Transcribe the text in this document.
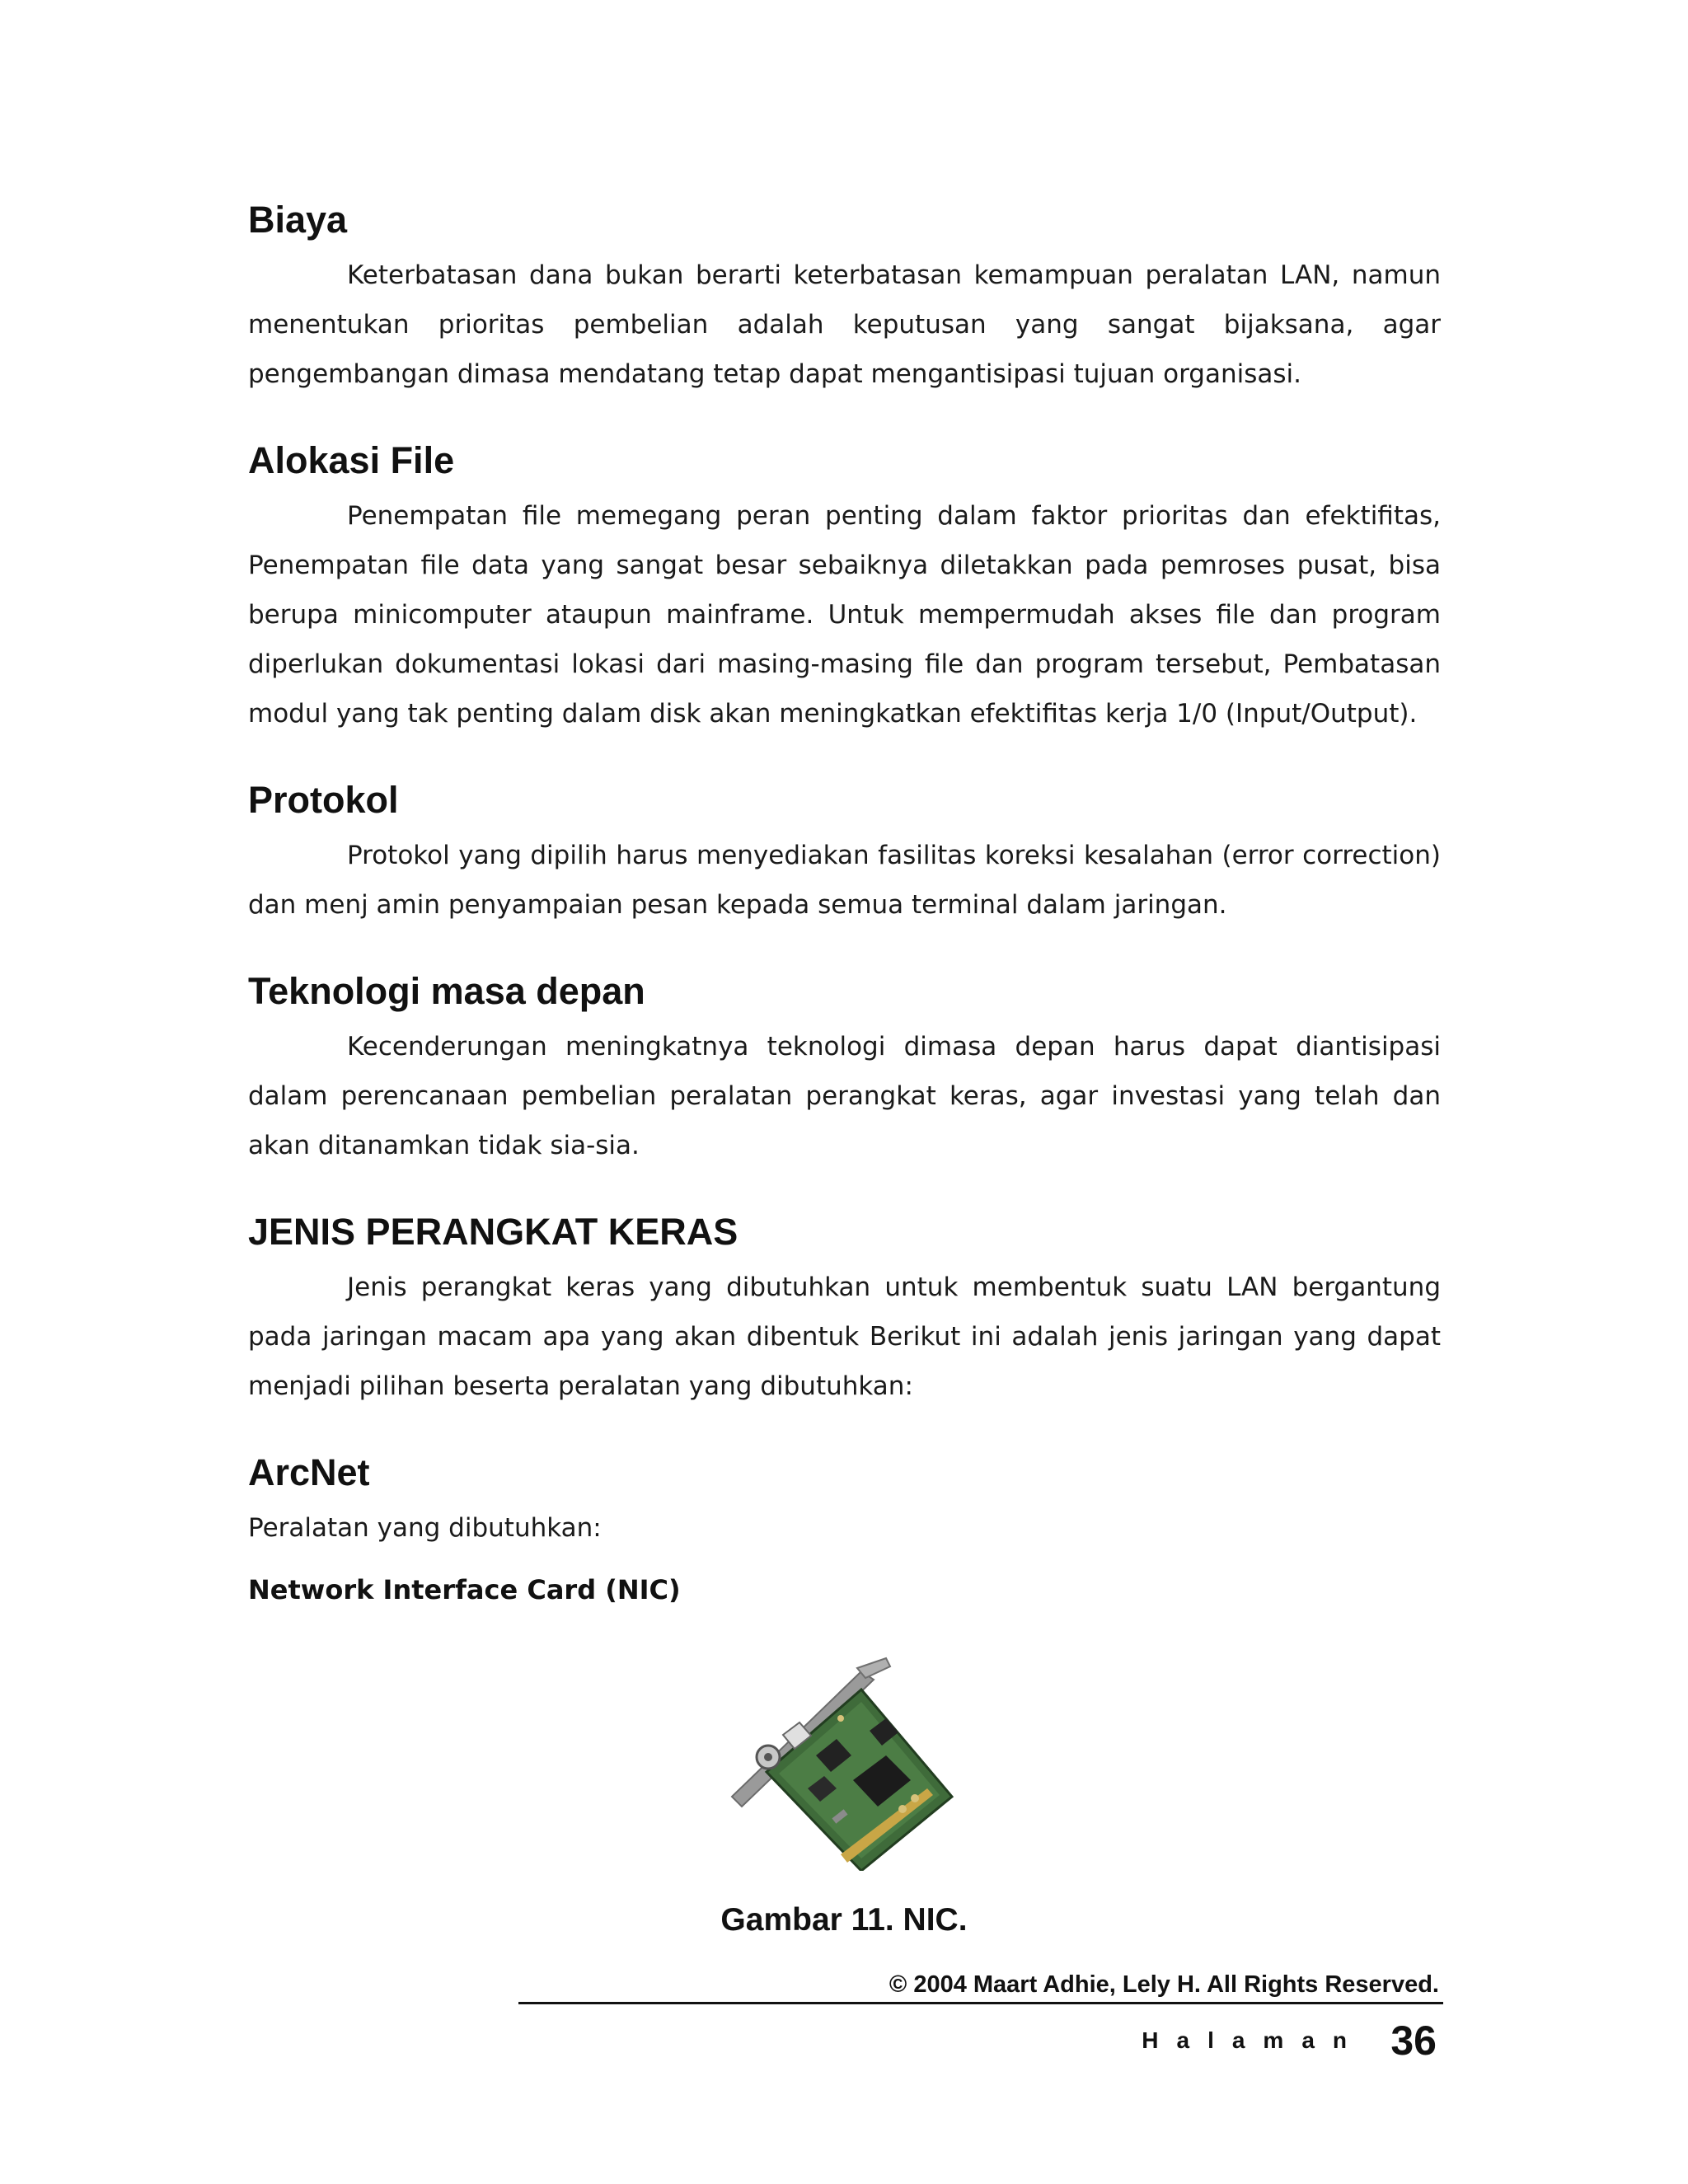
Biaya

Keterbatasan dana bukan berarti keterbatasan kemampuan peralatan LAN, namun menentukan prioritas pembelian adalah keputusan yang sangat bijaksana, agar pengembangan dimasa mendatang tetap dapat mengantisipasi tujuan organisasi.

Alokasi File

Penempatan file memegang peran penting dalam faktor prioritas dan efektifitas, Penempatan file data yang sangat besar sebaiknya diletakkan pada pemroses pusat, bisa berupa minicomputer ataupun mainframe. Untuk mempermudah akses file dan program diperlukan dokumentasi lokasi dari masing-masing file dan program tersebut, Pembatasan modul yang tak penting dalam disk akan meningkatkan efektifitas kerja 1/0 (Input/Output).

Protokol

Protokol yang dipilih harus menyediakan fasilitas koreksi kesalahan (error correction) dan menj amin penyampaian pesan kepada semua terminal dalam jaringan.

Teknologi masa depan

Kecenderungan meningkatnya teknologi dimasa depan harus dapat diantisipasi dalam perencanaan pembelian peralatan perangkat keras, agar investasi yang telah dan akan ditanamkan tidak sia-sia.

JENIS PERANGKAT KERAS

Jenis perangkat keras yang dibutuhkan untuk membentuk suatu LAN bergantung pada jaringan macam apa yang akan dibentuk Berikut ini adalah jenis jaringan yang dapat menjadi pilihan beserta peralatan yang dibutuhkan:

ArcNet

Peralatan yang dibutuhkan:

Network Interface Card (NIC)

Gambar 11. NIC.
© 2004 Maart Adhie, Lely H. All Rights Reserved.
Halaman 36
